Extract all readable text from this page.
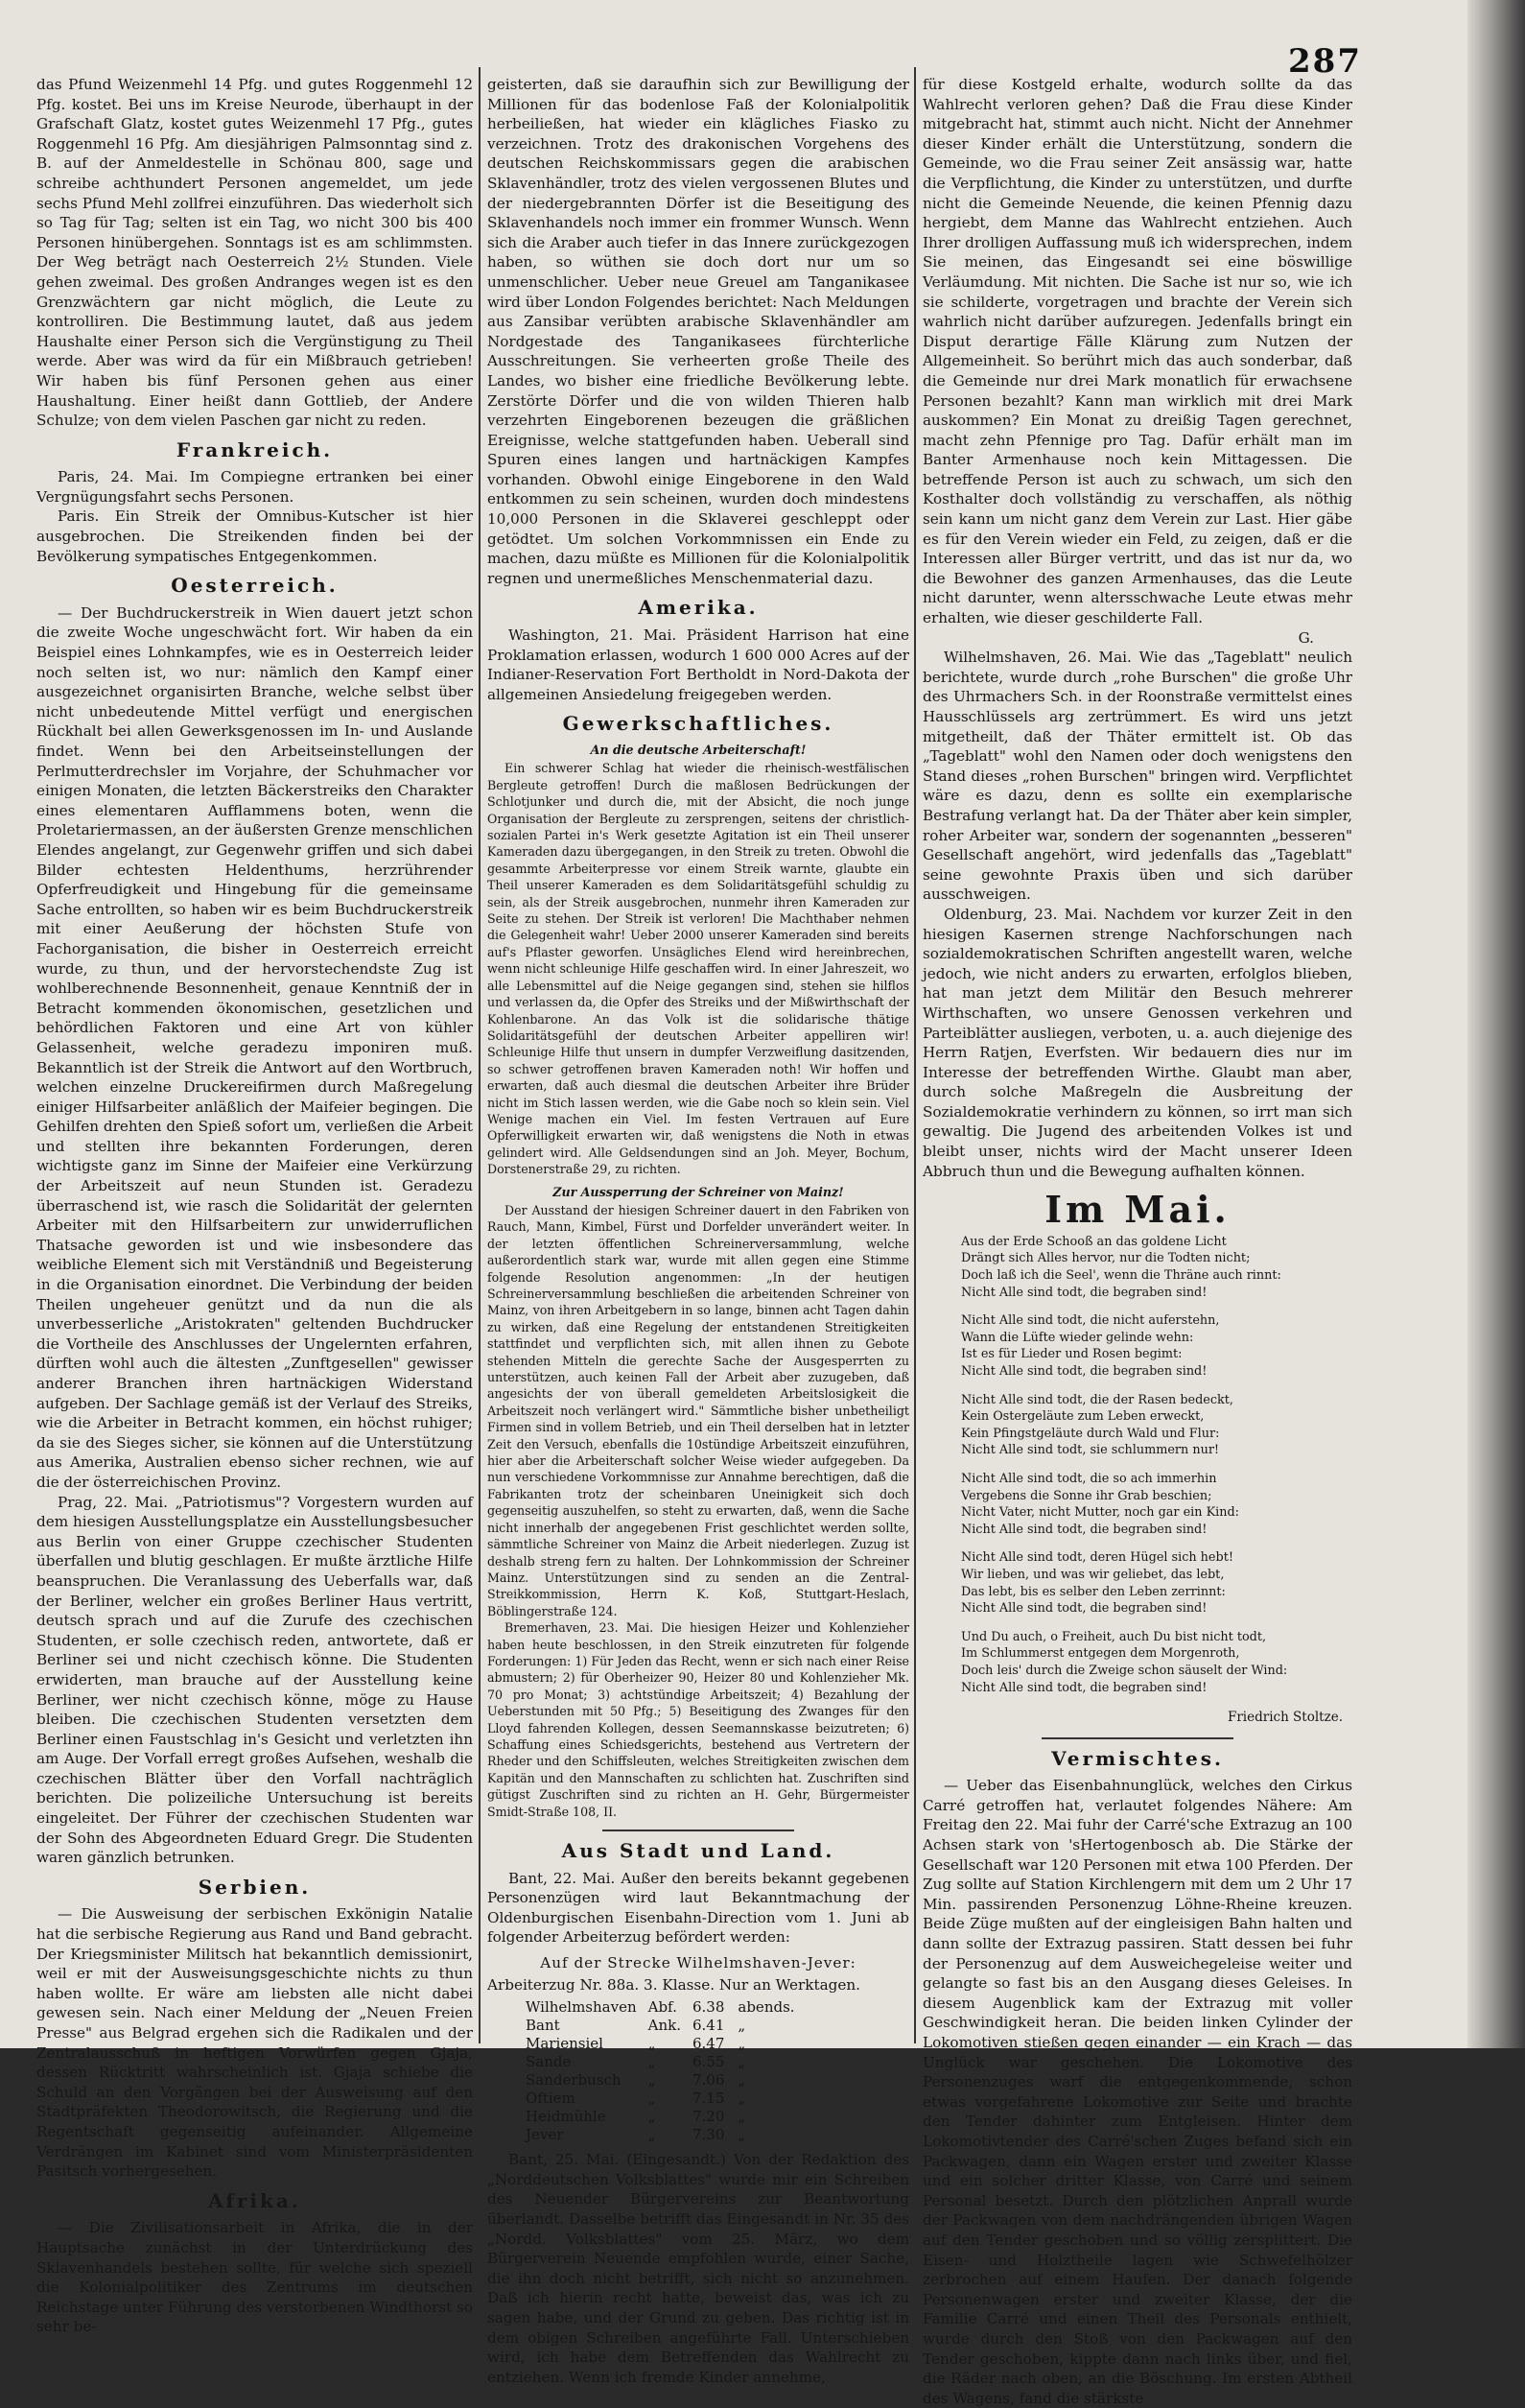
287

das Pfund Weizenmehl 14 Pfg. und gutes Roggenmehl 12 Pfg. kostet. Bei uns im Kreise Neurode, überhaupt in der Grafschaft Glatz, kostet gutes Weizenmehl 17 Pfg., gutes Roggenmehl 16 Pfg. Am diesjährigen Palmsonntag sind z. B. auf der Anmeldestelle in Schönau 800, sage und schreibe achthundert Personen angemeldet, um jede sechs Pfund Mehl zollfrei einzuführen. Das wiederholt sich so Tag für Tag; selten ist ein Tag, wo nicht 300 bis 400 Personen hinübergehen. Sonntags ist es am schlimmsten. Der Weg beträgt nach Oesterreich 2½ Stunden. Viele gehen zweimal. Des großen Andranges wegen ist es den Grenzwächtern gar nicht möglich, die Leute zu kontrolliren. Die Bestimmung lautet, daß aus jedem Haushalte einer Person sich die Vergünstigung zu Theil werde. Aber was wird da für ein Mißbrauch getrieben! Wir haben bis fünf Personen gehen aus einer Haushaltung. Einer heißt dann Gottlieb, der Andere Schulze; von dem vielen Paschen gar nicht zu reden.

Frankreich.

Paris, 24. Mai. Im Compiegne ertranken bei einer Vergnügungsfahrt sechs Personen.

Paris. Ein Streik der Omnibus-Kutscher ist hier ausgebrochen. Die Streikenden finden bei der Bevölkerung sympatisches Entgegenkommen.

Oesterreich.

— Der Buchdruckerstreik in Wien dauert jetzt schon die zweite Woche ungeschwächt fort. Wir haben da ein Beispiel eines Lohnkampfes, wie es in Oesterreich leider noch selten ist, wo nur: nämlich den Kampf einer ausgezeichnet organisirten Branche, welche selbst über nicht unbedeutende Mittel verfügt und energischen Rückhalt bei allen Gewerksgenossen im In- und Auslande findet. Wenn bei den Arbeitseinstellungen der Perlmutterdrechsler im Vorjahre, der Schuhmacher vor einigen Monaten, die letzten Bäckerstreiks den Charakter eines elementaren Aufflammens boten, wenn die Proletariermassen, an der äußersten Grenze menschlichen Elendes angelangt, zur Gegenwehr griffen und sich dabei Bilder echtesten Heldenthums, herzrührender Opferfreudigkeit und Hingebung für die gemeinsame Sache entrollten, so haben wir es beim Buchdruckerstreik mit einer Aeußerung der höchsten Stufe von Fachorganisation, die bisher in Oesterreich erreicht wurde, zu thun, und der hervorstechendste Zug ist wohlberechnende Besonnenheit, genaue Kenntniß der in Betracht kommenden ökonomischen, gesetzlichen und behördlichen Faktoren und eine Art von kühler Gelassenheit, welche geradezu imponiren muß. Bekanntlich ist der Streik die Antwort auf den Wortbruch, welchen einzelne Druckereifirmen durch Maßregelung einiger Hilfsarbeiter anläßlich der Maifeier begingen. Die Gehilfen drehten den Spieß sofort um, verließen die Arbeit und stellten ihre bekannten Forderungen, deren wichtigste ganz im Sinne der Maifeier eine Verkürzung der Arbeitszeit auf neun Stunden ist. Geradezu überraschend ist, wie rasch die Solidarität der gelernten Arbeiter mit den Hilfsarbeitern zur unwiderruflichen Thatsache geworden ist und wie insbesondere das weibliche Element sich mit Verständniß und Begeisterung in die Organisation einordnet. Die Verbindung der beiden Theilen ungeheuer genützt und da nun die als unverbesserliche „Aristokraten" geltenden Buchdrucker die Vortheile des Anschlusses der Ungelernten erfahren, dürften wohl auch die ältesten „Zunftgesellen" gewisser anderer Branchen ihren hartnäckigen Widerstand aufgeben. Der Sachlage gemäß ist der Verlauf des Streiks, wie die Arbeiter in Betracht kommen, ein höchst ruhiger; da sie des Sieges sicher, sie können auf die Unterstützung aus Amerika, Australien ebenso sicher rechnen, wie auf die der österreichischen Provinz.

Prag, 22. Mai. „Patriotismus"? Vorgestern wurden auf dem hiesigen Ausstellungsplatze ein Ausstellungsbesucher aus Berlin von einer Gruppe czechischer Studenten überfallen und blutig geschlagen. Er mußte ärztliche Hilfe beanspruchen. Die Veranlassung des Ueberfalls war, daß der Berliner, welcher ein großes Berliner Haus vertritt, deutsch sprach und auf die Zurufe des czechischen Studenten, er solle czechisch reden, antwortete, daß er Berliner sei und nicht czechisch könne. Die Studenten erwiderten, man brauche auf der Ausstellung keine Berliner, wer nicht czechisch könne, möge zu Hause bleiben. Die czechischen Studenten versetzten dem Berliner einen Faustschlag in's Gesicht und verletzten ihn am Auge. Der Vorfall erregt großes Aufsehen, weshalb die czechischen Blätter über den Vorfall nachträglich berichten. Die polizeiliche Untersuchung ist bereits eingeleitet. Der Führer der czechischen Studenten war der Sohn des Abgeordneten Eduard Gregr. Die Studenten waren gänzlich betrunken.

Serbien.

— Die Ausweisung der serbischen Exkönigin Natalie hat die serbische Regierung aus Rand und Band gebracht. Der Kriegsminister Militsch hat bekanntlich demissionirt, weil er mit der Ausweisungsgeschichte nichts zu thun haben wollte. Er wäre am liebsten alle nicht dabei gewesen sein. Nach einer Meldung der „Neuen Freien Presse" aus Belgrad ergehen sich die Radikalen und der Zentralausschuß in heftigen Vorwürfen gegen Gjaja, dessen Rücktritt wahrscheinlich ist. Gjaja schiebe die Schuld an den Vorgängen bei der Ausweisung auf den Stadtpräfekten Theodorowitsch, die Regierung und die Regentschaft gegenseitig aufeinander. Allgemeine Verdrängen im Kabinet sind vom Ministerpräsidenten Pasitsch vorhergesehen.

Afrika.

— Die Zivilisationsarbeit in Afrika, die in der Hauptsache zunächst in der Unterdrückung des Sklavenhandels bestehen sollte, für welche sich speziell die Kolonialpolitiker des Zentrums im deutschen Reichstage unter Führung des verstorbenen Windthorst so sehr be-

geisterten, daß sie daraufhin sich zur Bewilligung der Millionen für das bodenlose Faß der Kolonialpolitik herbeiließen, hat wieder ein klägliches Fiasko zu verzeichnen. Trotz des drakonischen Vorgehens des deutschen Reichskommissars gegen die arabischen Sklavenhändler, trotz des vielen vergossenen Blutes und der niedergebrannten Dörfer ist die Beseitigung des Sklavenhandels noch immer ein frommer Wunsch. Wenn sich die Araber auch tiefer in das Innere zurückgezogen haben, so wüthen sie doch dort nur um so unmenschlicher. Ueber neue Greuel am Tanganikasee wird über London Folgendes berichtet: Nach Meldungen aus Zansibar verübten arabische Sklavenhändler am Nordgestade des Tanganikasees fürchterliche Ausschreitungen. Sie verheerten große Theile des Landes, wo bisher eine friedliche Bevölkerung lebte. Zerstörte Dörfer und die von wilden Thieren halb verzehrten Eingeborenen bezeugen die gräßlichen Ereignisse, welche stattgefunden haben. Ueberall sind Spuren eines langen und hartnäckigen Kampfes vorhanden. Obwohl einige Eingeborene in den Wald entkommen zu sein scheinen, wurden doch mindestens 10,000 Personen in die Sklaverei geschleppt oder getödtet. Um solchen Vorkommnissen ein Ende zu machen, dazu müßte es Millionen für die Kolonialpolitik regnen und unermeßliches Menschenmaterial dazu.

Amerika.

Washington, 21. Mai. Präsident Harrison hat eine Proklamation erlassen, wodurch 1 600 000 Acres auf der Indianer-Reservation Fort Bertholdt in Nord-Dakota der allgemeinen Ansiedelung freigegeben werden.

Gewerkschaftliches.
An die deutsche Arbeiterschaft!

Ein schwerer Schlag hat wieder die rheinisch-westfälischen Bergleute getroffen! Durch die maßlosen Bedrückungen der Schlotjunker und durch die, mit der Absicht, die noch junge Organisation der Bergleute zu zersprengen, seitens der christlich-sozialen Partei in's Werk gesetzte Agitation ist ein Theil unserer Kameraden dazu übergegangen, in den Streik zu treten. Obwohl die gesammte Arbeiterpresse vor einem Streik warnte, glaubte ein Theil unserer Kameraden es dem Solidaritätsgefühl schuldig zu sein, als der Streik ausgebrochen, nunmehr ihren Kameraden zur Seite zu stehen. Der Streik ist verloren! Die Machthaber nehmen die Gelegenheit wahr! Ueber 2000 unserer Kameraden sind bereits auf's Pflaster geworfen. Unsägliches Elend wird hereinbrechen, wenn nicht schleunige Hilfe geschaffen wird. In einer Jahreszeit, wo alle Lebensmittel auf die Neige gegangen sind, stehen sie hilflos und verlassen da, die Opfer des Streiks und der Mißwirthschaft der Kohlenbarone. An das Volk ist die solidarische thätige Solidaritätsgefühl der deutschen Arbeiter appelliren wir! Schleunige Hilfe thut unsern in dumpfer Verzweiflung dasitzenden, so schwer getroffenen braven Kameraden noth! Wir hoffen und erwarten, daß auch diesmal die deutschen Arbeiter ihre Brüder nicht im Stich lassen werden, wie die Gabe noch so klein sein. Viel Wenige machen ein Viel. Im festen Vertrauen auf Eure Opferwilligkeit erwarten wir, daß wenigstens die Noth in etwas gelindert wird. Alle Geldsendungen sind an Joh. Meyer, Bochum, Dorstenerstraße 29, zu richten.

Zur Aussperrung der Schreiner von Mainz!

Der Ausstand der hiesigen Schreiner dauert in den Fabriken von Rauch, Mann, Kimbel, Fürst und Dorfelder unverändert weiter. In der letzten öffentlichen Schreinerversammlung, welche außerordentlich stark war, wurde mit allen gegen eine Stimme folgende Resolution angenommen: „In der heutigen Schreinerversammlung beschließen die arbeitenden Schreiner von Mainz, von ihren Arbeitgebern in so lange, binnen acht Tagen dahin zu wirken, daß eine Regelung der entstandenen Streitigkeiten stattfindet und verpflichten sich, mit allen ihnen zu Gebote stehenden Mitteln die gerechte Sache der Ausgesperrten zu unterstützen, auch keinen Fall der Arbeit aber zuzugeben, daß angesichts der von überall gemeldeten Arbeitslosigkeit die Arbeitszeit noch verlängert wird." Sämmtliche bisher unbetheiligt Firmen sind in vollem Betrieb, und ein Theil derselben hat in letzter Zeit den Versuch, ebenfalls die 10stündige Arbeitszeit einzuführen, hier aber die Arbeiterschaft solcher Weise wieder aufgegeben. Da nun verschiedene Vorkommnisse zur Annahme berechtigen, daß die Fabrikanten trotz der scheinbaren Uneinigkeit sich doch gegenseitig auszuhelfen, so steht zu erwarten, daß, wenn die Sache nicht innerhalb der angegebenen Frist geschlichtet werden sollte, sämmtliche Schreiner von Mainz die Arbeit niederlegen. Zuzug ist deshalb streng fern zu halten. Der Lohnkommission der Schreiner Mainz. Unterstützungen sind zu senden an die Zentral-Streikkommission, Herrn K. Koß, Stuttgart-Heslach, Böblingerstraße 124.

Bremerhaven, 23. Mai. Die hiesigen Heizer und Kohlenzieher haben heute beschlossen, in den Streik einzutreten für folgende Forderungen: 1) Für Jeden das Recht, wenn er sich nach einer Reise abmustern; 2) für Oberheizer 90, Heizer 80 und Kohlenzieher Mk. 70 pro Monat; 3) achtstündige Arbeitszeit; 4) Bezahlung der Ueberstunden mit 50 Pfg.; 5) Beseitigung des Zwanges für den Lloyd fahrenden Kollegen, dessen Seemannskasse beizutreten; 6) Schaffung eines Schiedsgerichts, bestehend aus Vertretern der Rheder und den Schiffsleuten, welches Streitigkeiten zwischen dem Kapitän und den Mannschaften zu schlichten hat. Zuschriften sind gütigst Zuschriften sind zu richten an H. Gehr, Bürgermeister Smidt-Straße 108, II.

Aus Stadt und Land.

Bant, 22. Mai. Außer den bereits bekannt gegebenen Personenzügen wird laut Bekanntmachung der Oldenburgischen Eisenbahn-Direction vom 1. Juni ab folgender Arbeiterzug befördert werden:

Auf der Strecke Wilhelmshaven-Jever:

Arbeiterzug Nr. 88a. 3. Klasse. Nur an Werktagen.

Wilhelmshaven	Abf.	6.38	abends.
Bant	Ank.	6.41	„
Mariensiel	„	6.47	„
Sande	„	6.55	„
Sanderbusch	„	7.06	„
Oftiem	„	7.15	„
Heidmühle	„	7.20	„
Jever	„	7.30	„

Bant, 25. Mai. (Eingesandt.) Von der Redaktion des „Norddeutschen Volksblattes" wurde mir ein Schreiben des Neuender Bürgervereins zur Beantwortung überlandt. Dasselbe betrifft das Eingesandt in Nr. 35 des „Nordd. Volksblattes" vom 25. März, wo dem Bürgerverein Neuende empfohlen wurde, einer Sache, die ihn doch nicht betrifft, sich nicht so anzunehmen. Daß ich hierin recht hatte, beweist das, was ich zu sagen habe, und der Grund zu geben. Das richtig ist in dem obigen Schreiben angeführte Fall. Unterschieben wird, ich habe dem Betreffenden das Wahlrecht zu entziehen. Wenn ich fremde Kinder annehme,

für diese Kostgeld erhalte, wodurch sollte da das Wahlrecht verloren gehen? Daß die Frau diese Kinder mitgebracht hat, stimmt auch nicht. Nicht der Annehmer dieser Kinder erhält die Unterstützung, sondern die Gemeinde, wo die Frau seiner Zeit ansässig war, hatte die Verpflichtung, die Kinder zu unterstützen, und durfte nicht die Gemeinde Neuende, die keinen Pfennig dazu hergiebt, dem Manne das Wahlrecht entziehen. Auch Ihrer drolligen Auffassung muß ich widersprechen, indem Sie meinen, das Eingesandt sei eine böswillige Verläumdung. Mit nichten. Die Sache ist nur so, wie ich sie schilderte, vorgetragen und brachte der Verein sich wahrlich nicht darüber aufzuregen. Jedenfalls bringt ein Disput derartige Fälle Klärung zum Nutzen der Allgemeinheit. So berührt mich das auch sonderbar, daß die Gemeinde nur drei Mark monatlich für erwachsene Personen bezahlt? Kann man wirklich mit drei Mark auskommen? Ein Monat zu dreißig Tagen gerechnet, macht zehn Pfennige pro Tag. Dafür erhält man im Banter Armenhause noch kein Mittagessen. Die betreffende Person ist auch zu schwach, um sich den Kosthalter doch vollständig zu verschaffen, als nöthig sein kann um nicht ganz dem Verein zur Last. Hier gäbe es für den Verein wieder ein Feld, zu zeigen, daß er die Interessen aller Bürger vertritt, und das ist nur da, wo die Bewohner des ganzen Armenhauses, das die Leute nicht darunter, wenn altersschwache Leute etwas mehr erhalten, wie dieser geschilderte Fall.

G.

Wilhelmshaven, 26. Mai. Wie das „Tageblatt" neulich berichtete, wurde durch „rohe Burschen" die große Uhr des Uhrmachers Sch. in der Roonstraße vermittelst eines Hausschlüssels arg zertrümmert. Es wird uns jetzt mitgetheilt, daß der Thäter ermittelt ist. Ob das „Tageblatt" wohl den Namen oder doch wenigstens den Stand dieses „rohen Burschen" bringen wird. Verpflichtet wäre es dazu, denn es sollte ein exemplarische Bestrafung verlangt hat. Da der Thäter aber kein simpler, roher Arbeiter war, sondern der sogenannten „besseren" Gesellschaft angehört, wird jedenfalls das „Tageblatt" seine gewohnte Praxis üben und sich darüber ausschweigen.

Oldenburg, 23. Mai. Nachdem vor kurzer Zeit in den hiesigen Kasernen strenge Nachforschungen nach sozialdemokratischen Schriften angestellt waren, welche jedoch, wie nicht anders zu erwarten, erfolglos blieben, hat man jetzt dem Militär den Besuch mehrerer Wirthschaften, wo unsere Genossen verkehren und Parteiblätter ausliegen, verboten, u. a. auch diejenige des Herrn Ratjen, Everfsten. Wir bedauern dies nur im Interesse der betreffenden Wirthe. Glaubt man aber, durch solche Maßregeln die Ausbreitung der Sozialdemokratie verhindern zu können, so irrt man sich gewaltig. Die Jugend des arbeitenden Volkes ist und bleibt unser, nichts wird der Macht unserer Ideen Abbruch thun und die Bewegung aufhalten können.

Im Mai.
Aus der Erde Schooß an das goldene Licht
Drängt sich Alles hervor, nur die Todten nicht;
Doch laß ich die Seel', wenn die Thräne auch rinnt:
Nicht Alle sind todt, die begraben sind!
Nicht Alle sind todt, die nicht auferstehn,
Wann die Lüfte wieder gelinde wehn:
Ist es für Lieder und Rosen begimt:
Nicht Alle sind todt, die begraben sind!
Nicht Alle sind todt, die der Rasen bedeckt,
Kein Ostergeläute zum Leben erweckt,
Kein Pfingstgeläute durch Wald und Flur:
Nicht Alle sind todt, sie schlummern nur!
Nicht Alle sind todt, die so ach immerhin
Vergebens die Sonne ihr Grab beschien;
Nicht Vater, nicht Mutter, noch gar ein Kind:
Nicht Alle sind todt, die begraben sind!
Nicht Alle sind todt, deren Hügel sich hebt!
Wir lieben, und was wir geliebet, das lebt,
Das lebt, bis es selber den Leben zerrinnt:
Nicht Alle sind todt, die begraben sind!
Und Du auch, o Freiheit, auch Du bist nicht todt,
Im Schlummerst entgegen dem Morgenroth,
Doch leis' durch die Zweige schon säuselt der Wind:
Nicht Alle sind todt, die begraben sind!
Friedrich Stoltze.
Vermischtes.

— Ueber das Eisenbahnunglück, welches den Cirkus Carré getroffen hat, verlautet folgendes Nähere: Am Freitag den 22. Mai fuhr der Carré'sche Extrazug an 100 Achsen stark von 'sHertogenbosch ab. Die Stärke der Gesellschaft war 120 Personen mit etwa 100 Pferden. Der Zug sollte auf Station Kirchlengern mit dem um 2 Uhr 17 Min. passirenden Personenzug Löhne-Rheine kreuzen. Beide Züge mußten auf der eingleisigen Bahn halten und dann sollte der Extrazug passiren. Statt dessen bei fuhr der Personenzug auf dem Ausweichegeleise weiter und gelangte so fast bis an den Ausgang dieses Geleises. In diesem Augenblick kam der Extrazug mit voller Geschwindigkeit heran. Die beiden linken Cylinder der Lokomotiven stießen gegen einander — ein Krach — das Unglück war geschehen. Die Lokomotive des Personenzuges warf die entgegenkommende, schon etwas vorgefahrene Lokomotive zur Seite und brachte den Tender dahinter zum Entgleisen. Hinter dem Lokomotivtender des Carré'schen Zuges befand sich ein Packwagen, dann ein Wagen erster und zweiter Klasse und ein solcher dritter Klasse, von Carré und seinem Personal besetzt. Durch den plötzlichen Anprall wurde der Packwagen von dem nachdrängenden übrigen Wagen auf den Tender geschoben und so völlig zersplittert. Die Eisen- und Holztheile lagen wie Schwefelhölzer zerbrochen auf einem Haufen. Der danach folgende Personenwagen erster und zweiter Klasse, der die Familie Carré und einen Theil des Personals enthielt, wurde durch den Stoß von den Packwagen auf den Tender geschoben, kippte dann nach links über, und fiel, die Räder nach oben, an die Böschung. Im ersten Abtheil des Wagens, fand die stärkste
